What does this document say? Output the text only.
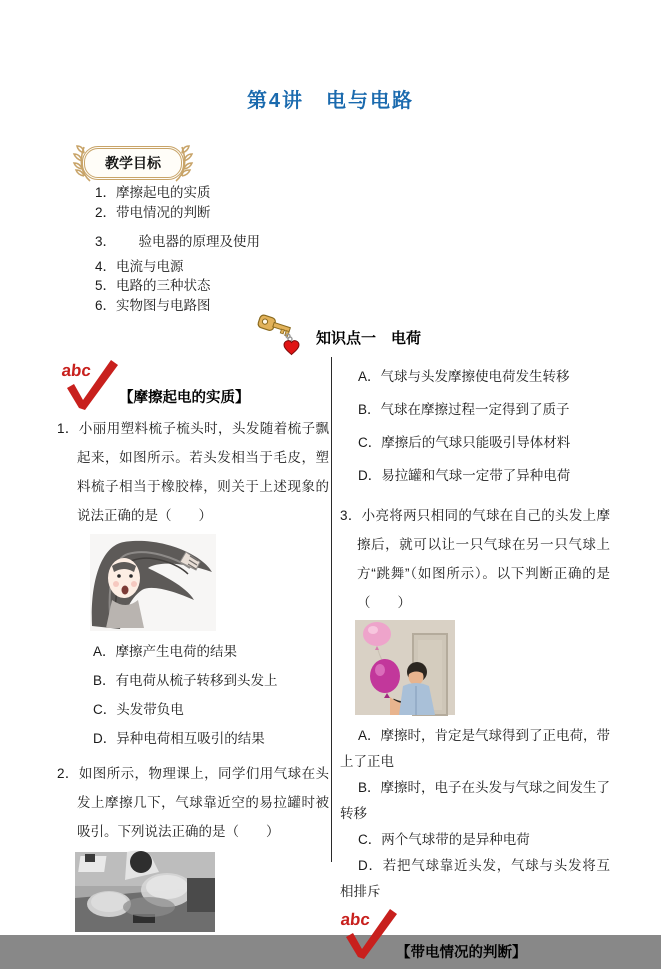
第4讲　电与电路
教学目标
1．摩擦起电的实质
2．带电情况的判断
3．      验电器的原理及使用
4．电流与电源
5．电路的三种状态
6．实物图与电路图
知识点一　电荷
abc
【摩擦起电的实质】
1．小丽用塑料梳子梳头时，头发随着梳子飘起来，如图所示。若头发相当于毛皮，塑料梳子相当于橡胶棒，则关于上述现象的说法正确的是（　　）
A．摩擦产生电荷的结果
B．有电荷从梳子转移到头发上
C．头发带负电
D．异种电荷相互吸引的结果
2．如图所示，物理课上，同学们用气球在头发上摩擦几下，气球靠近空的易拉罐时被吸引。下列说法正确的是（　　）
A．气球与头发摩擦使电荷发生转移
B．气球在摩擦过程一定得到了质子
C．摩擦后的气球只能吸引导体材料
D．易拉罐和气球一定带了异种电荷
3．小亮将两只相同的气球在自己的头发上摩擦后，就可以让一只气球在另一只气球上方“跳舞”（如图所示）。以下判断正确的是（　　）
A．摩擦时，肯定是气球得到了正电荷，带上了正电
B．摩擦时，电子在头发与气球之间发生了转移
C．两个气球带的是异种电荷
D．若把气球靠近头发，气球与头发将互相排斥
abc
【带电情况的判断】
